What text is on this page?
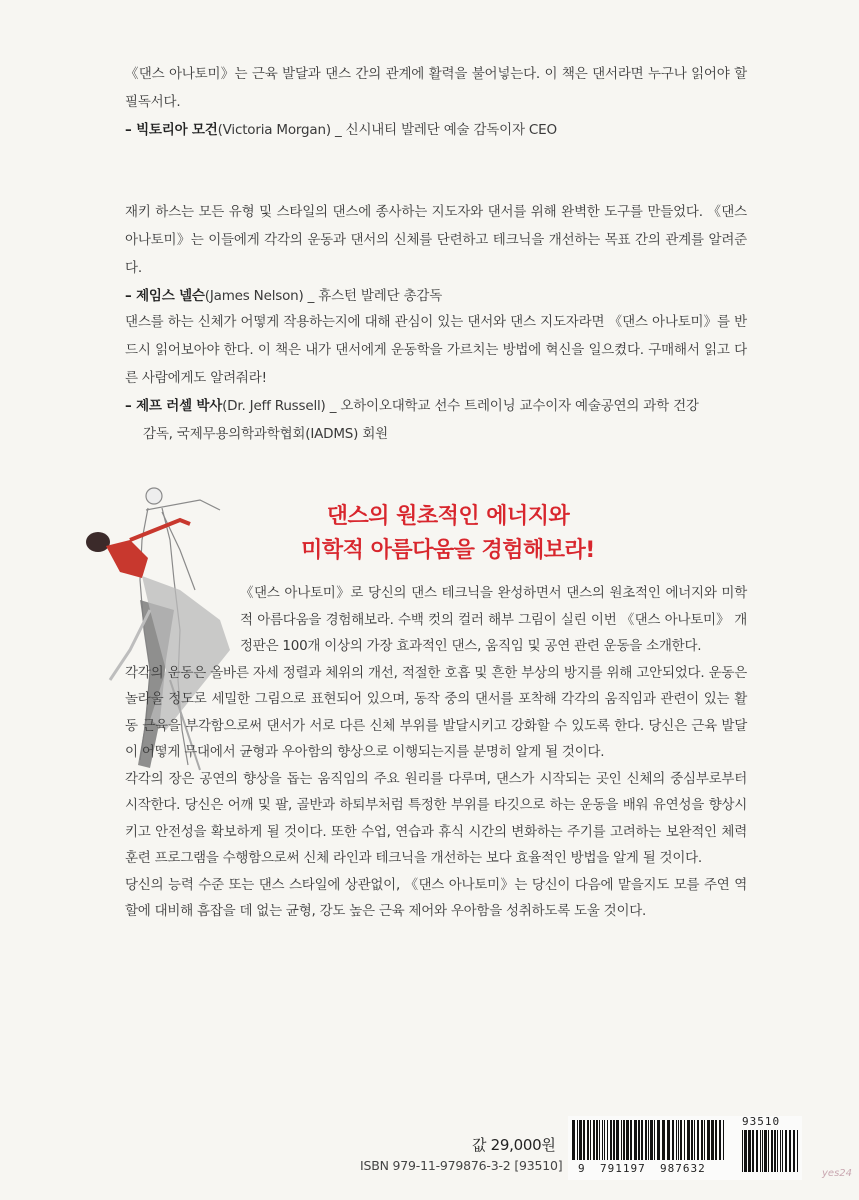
《댄스 아나토미》는 근육 발달과 댄스 간의 관계에 활력을 불어넣는다. 이 책은 댄서라면 누구나 읽어야 할 필독서다.

– 빅토리아 모건(Victoria Morgan) _ 신시내티 발레단 예술 감독이자 CEO

재키 하스는 모든 유형 및 스타일의 댄스에 종사하는 지도자와 댄서를 위해 완벽한 도구를 만들었다. 《댄스 아나토미》는 이들에게 각각의 운동과 댄서의 신체를 단련하고 테크닉을 개선하는 목표 간의 관계를 알려준다.

– 제임스 넬슨(James Nelson) _ 휴스턴 발레단 총감독

댄스를 하는 신체가 어떻게 작용하는지에 대해 관심이 있는 댄서와 댄스 지도자라면 《댄스 아나토미》를 반드시 읽어보아야 한다. 이 책은 내가 댄서에게 운동학을 가르치는 방법에 혁신을 일으켰다. 구매해서 읽고 다른 사람에게도 알려줘라!

– 제프 러셀 박사(Dr. Jeff Russell) _ 오하이오대학교 선수 트레이닝 교수이자 예술공연의 과학 건강
감독, 국제무용의학과학협회(IADMS) 회원

댄스의 원초적인 에너지와
미학적 아름다움을 경험해보라!

《댄스 아나토미》로 당신의 댄스 테크닉을 완성하면서 댄스의 원초적인 에너지와 미학적 아름다움을 경험해보라. 수백 컷의 컬러 해부 그림이 실린 이번 《댄스 아나토미》 개정판은 100개 이상의 가장 효과적인 댄스, 움직임 및 공연 관련 운동을 소개한다.

각각의 운동은 올바른 자세 정렬과 체위의 개선, 적절한 호흡 및 흔한 부상의 방지를 위해 고안되었다. 운동은 놀라울 정도로 세밀한 그림으로 표현되어 있으며, 동작 중의 댄서를 포착해 각각의 움직임과 관련이 있는 활동 근육을 부각함으로써 댄서가 서로 다른 신체 부위를 발달시키고 강화할 수 있도록 한다. 당신은 근육 발달이 어떻게 무대에서 균형과 우아함의 향상으로 이행되는지를 분명히 알게 될 것이다.

각각의 장은 공연의 향상을 돕는 움직임의 주요 원리를 다루며, 댄스가 시작되는 곳인 신체의 중심부로부터 시작한다. 당신은 어깨 및 팔, 골반과 하퇴부처럼 특정한 부위를 타깃으로 하는 운동을 배워 유연성을 향상시키고 안전성을 확보하게 될 것이다. 또한 수업, 연습과 휴식 시간의 변화하는 주기를 고려하는 보완적인 체력 훈련 프로그램을 수행함으로써 신체 라인과 테크닉을 개선하는 보다 효율적인 방법을 알게 될 것이다.

당신의 능력 수준 또는 댄스 스타일에 상관없이, 《댄스 아나토미》는 당신이 다음에 맡을지도 모를 주연 역할에 대비해 흠잡을 데 없는 균형, 강도 높은 근육 제어와 우아함을 성취하도록 도울 것이다.

값 29,000원
ISBN 979-11-979876-3-2 [93510] 9 791197 987632
93510
yes24
